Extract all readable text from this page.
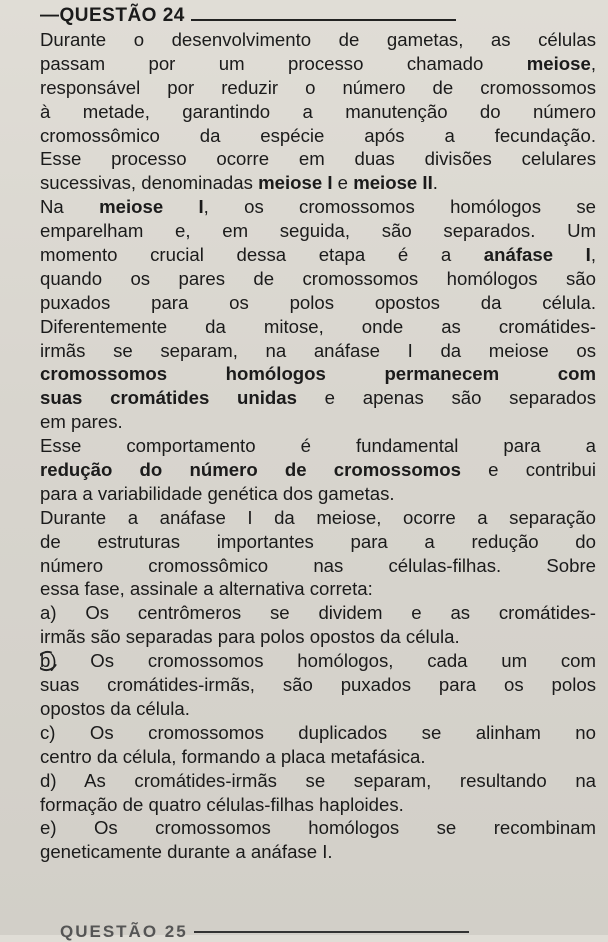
—QUESTÃO 24
Durante o desenvolvimento de gametas, as células
passam por um processo chamado meiose,
responsável por reduzir o número de cromossomos
à metade, garantindo a manutenção do número
cromossômico da espécie após a fecundação.
Esse processo ocorre em duas divisões celulares
sucessivas, denominadas meiose I e meiose II.
Na meiose I, os cromossomos homólogos se
emparelham e, em seguida, são separados. Um
momento crucial dessa etapa é a anáfase I,
quando os pares de cromossomos homólogos são
puxados para os polos opostos da célula.
Diferentemente da mitose, onde as cromátides-
irmãs se separam, na anáfase I da meiose os
cromossomos homólogos permanecem com
suas cromátides unidas e apenas são separados
em pares.
Esse comportamento é fundamental para a
redução do número de cromossomos e contribui
para a variabilidade genética dos gametas.
Durante a anáfase I da meiose, ocorre a separação
de estruturas importantes para a redução do
número cromossômico nas células-filhas. Sobre
essa fase, assinale a alternativa correta:
a) Os centrômeros se dividem e as cromátides-
irmãs são separadas para polos opostos da célula.
b) Os cromossomos homólogos, cada um com
suas cromátides-irmãs, são puxados para os polos
opostos da célula.
c) Os cromossomos duplicados se alinham no
centro da célula, formando a placa metafásica.
d) As cromátides-irmãs se separam, resultando na
formação de quatro células-filhas haploides.
e) Os cromossomos homólogos se recombinam
geneticamente durante a anáfase I.
QUESTÃO 25
